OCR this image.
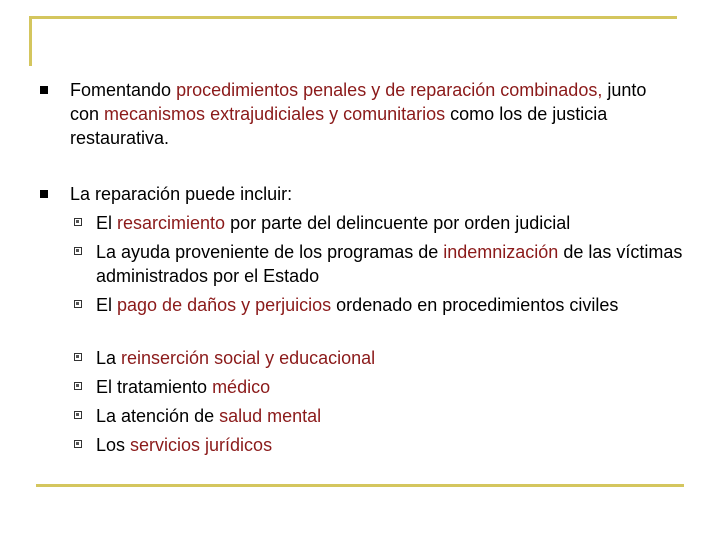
Fomentando procedimientos penales y de reparación combinados, junto con mecanismos extrajudiciales y comunitarios como los de justicia restaurativa.
La reparación puede incluir:
El resarcimiento por parte del delincuente por orden judicial
La ayuda proveniente de los programas de indemnización de las víctimas administrados por el Estado
El pago de daños y perjuicios ordenado en procedimientos civiles
La reinserción social y educacional
El tratamiento médico
La atención de salud mental
Los servicios jurídicos
